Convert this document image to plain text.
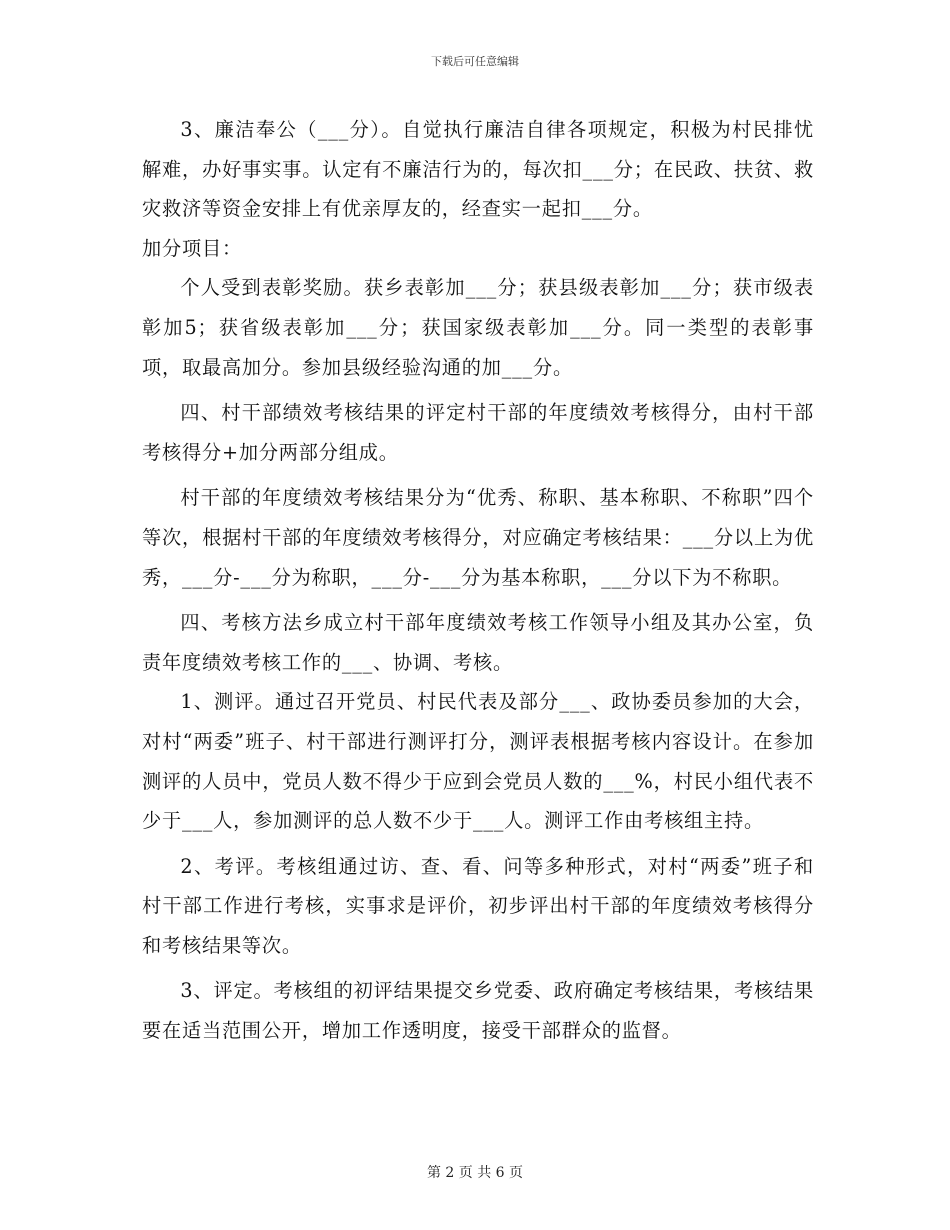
下载后可任意编辑

3、廉洁奉公（___分）。自觉执行廉洁自律各项规定，积极为村民排忧解难，办好事实事。认定有不廉洁行为的，每次扣___分；在民政、扶贫、救灾救济等资金安排上有优亲厚友的，经查实一起扣___分。

加分项目：

个人受到表彰奖励。获乡表彰加___分；获县级表彰加___分；获市级表彰加5；获省级表彰加___分；获国家级表彰加___分。同一类型的表彰事项，取最高加分。参加县级经验沟通的加___分。

四、村干部绩效考核结果的评定村干部的年度绩效考核得分，由村干部考核得分+加分两部分组成。

村干部的年度绩效考核结果分为“优秀、称职、基本称职、不称职”四个等次，根据村干部的年度绩效考核得分，对应确定考核结果：___分以上为优秀，___分-___分为称职，___分-___分为基本称职，___分以下为不称职。

四、考核方法乡成立村干部年度绩效考核工作领导小组及其办公室，负责年度绩效考核工作的___、协调、考核。

1、测评。通过召开党员、村民代表及部分___、政协委员参加的大会，对村“两委”班子、村干部进行测评打分，测评表根据考核内容设计。在参加测评的人员中，党员人数不得少于应到会党员人数的___%，村民小组代表不少于___人，参加测评的总人数不少于___人。测评工作由考核组主持。

2、考评。考核组通过访、查、看、问等多种形式，对村“两委”班子和村干部工作进行考核，实事求是评价，初步评出村干部的年度绩效考核得分和考核结果等次。

3、评定。考核组的初评结果提交乡党委、政府确定考核结果，考核结果要在适当范围公开，增加工作透明度，接受干部群众的监督。

第 2 页 共 6 页
